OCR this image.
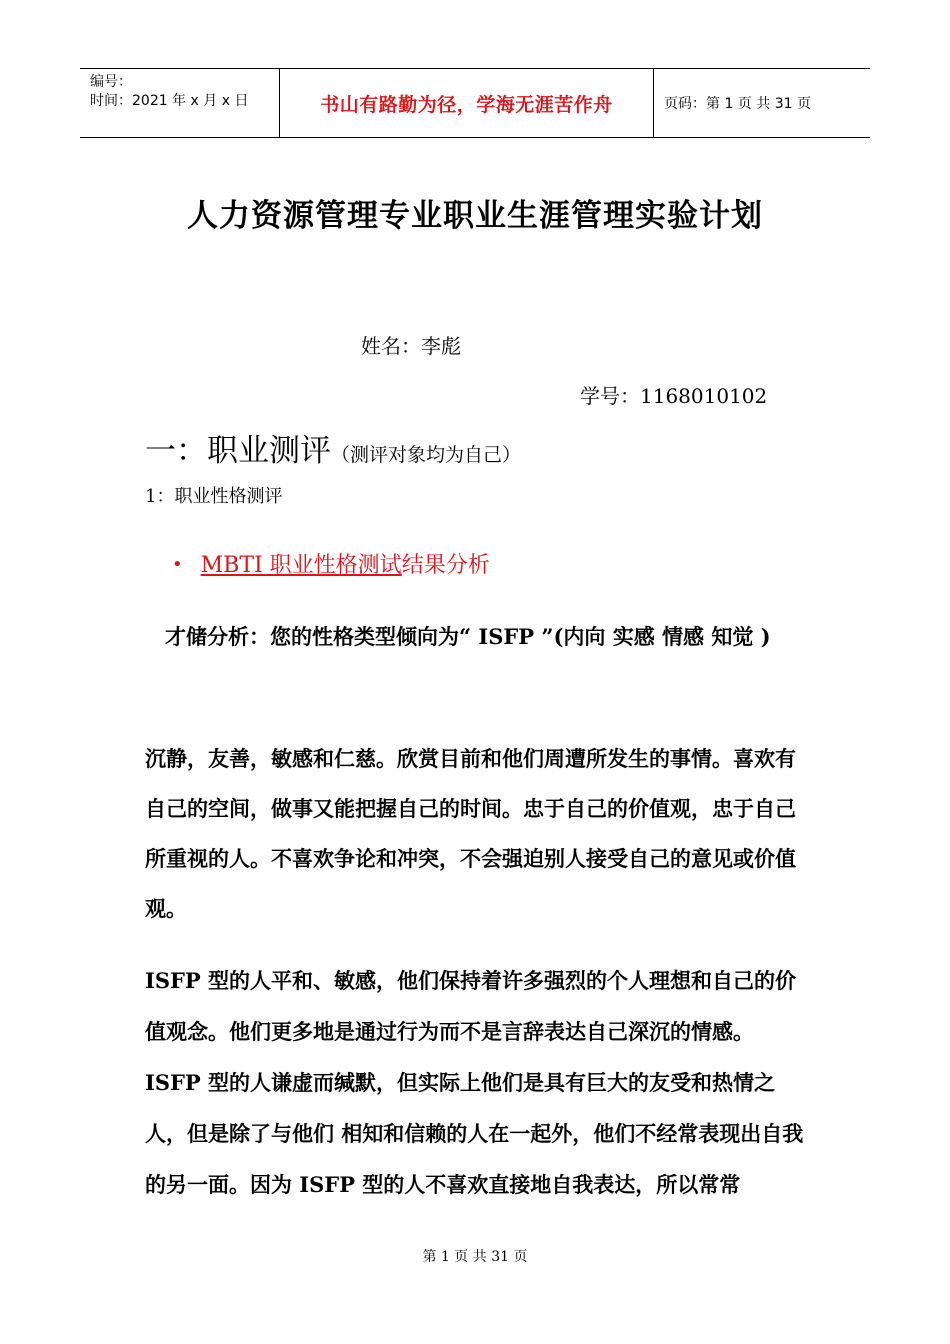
编号：
时间：2021 年 x 月 x 日	书山有路勤为径，学海无涯苦作舟	页码：第 1 页 共 31 页
人力资源管理专业职业生涯管理实验计划
姓名：李彪
学号：1168010102
一：职业测评（测评对象均为自己）
1：职业性格测评
• MBTI 职业性格测试结果分析
才储分析：您的性格类型倾向为“ ISFP ”(内向 实感 情感 知觉 )
沉静，友善，敏感和仁慈。欣赏目前和他们周遭所发生的事情。喜欢有自己的空间，做事又能把握自己的时间。忠于自己的价值观，忠于自己所重视的人。不喜欢争论和冲突，不会强迫别人接受自己的意见或价值观。
ISFP 型的人平和、敏感，他们保持着许多强烈的个人理想和自己的价值观念。他们更多地是通过行为而不是言辞表达自己深沉的情感。ISFP 型的人谦虚而缄默，但实际上他们是具有巨大的友受和热情之人，但是除了与他们 相知和信赖的人在一起外，他们不经常表现出自我的另一面。因为 ISFP 型的人不喜欢直接地自我表达，所以常常
第 1 页 共 31 页
